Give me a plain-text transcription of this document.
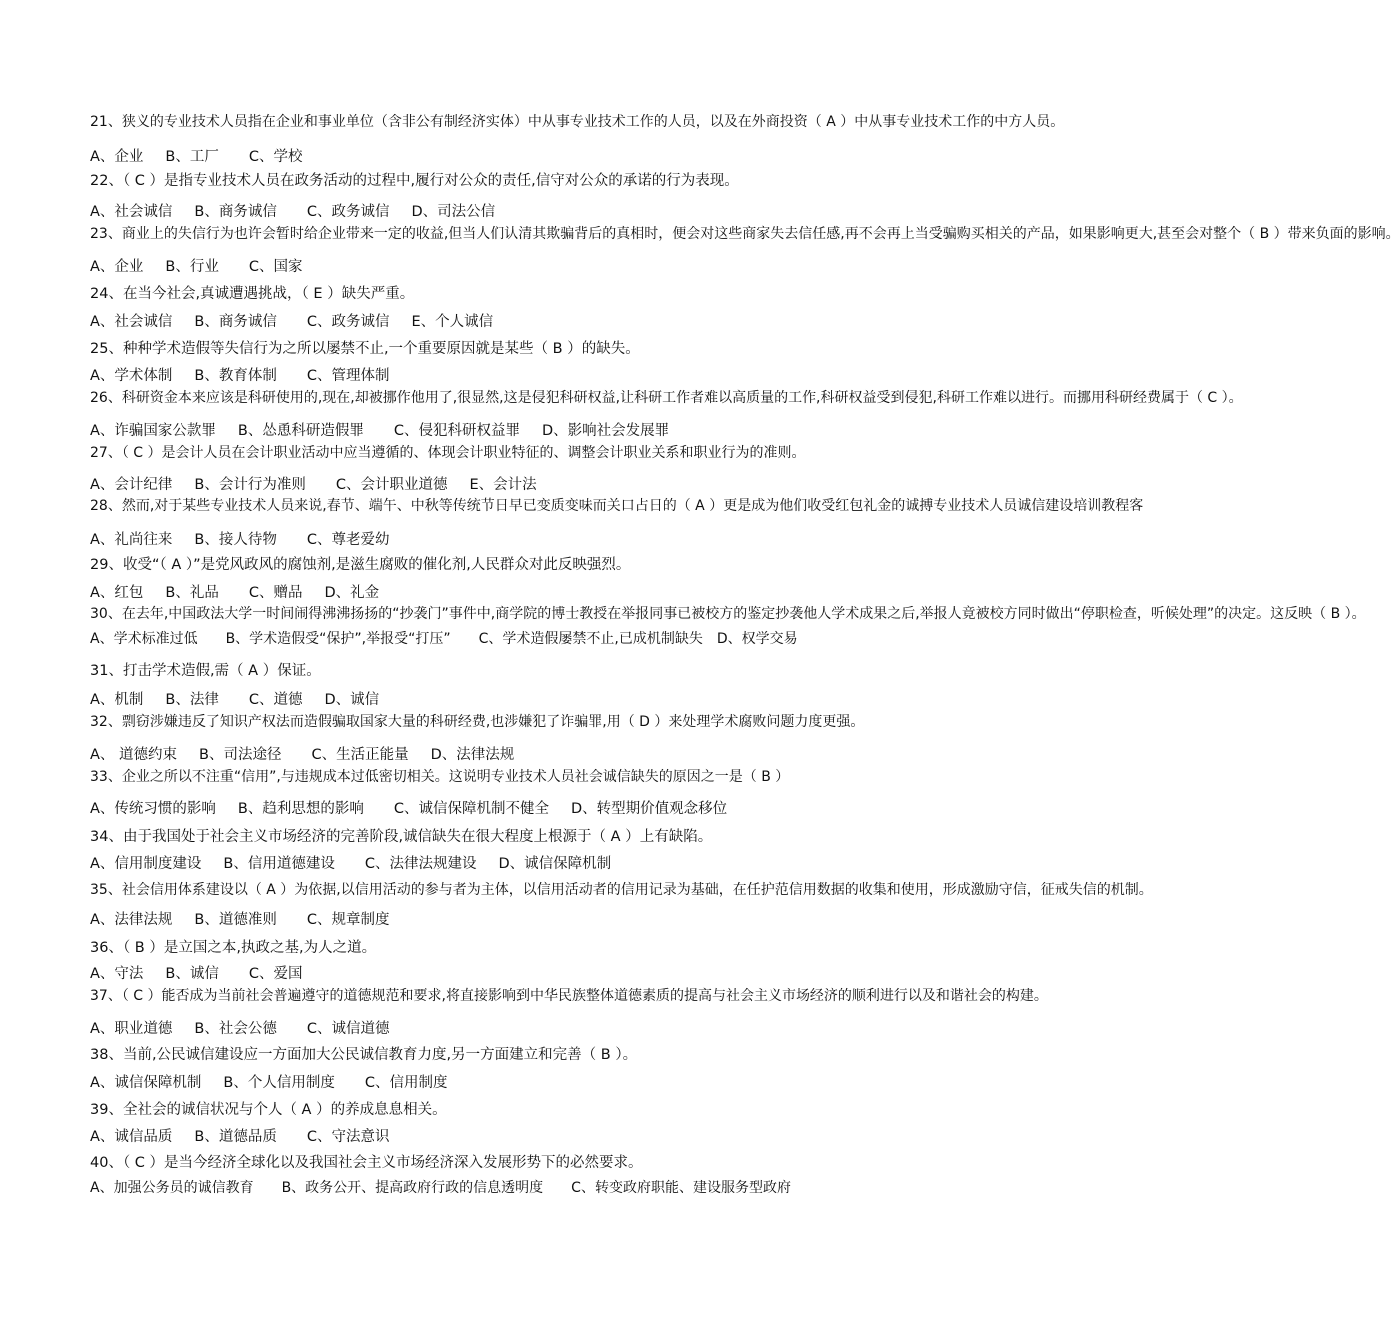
21、狭义的专业技术人员指在企业和事业单位（含非公有制经济实体）中从事专业技术工作的人员，以及在外商投资（ A ）中从事专业技术工作的中方人员。
A、企业 B、工厂 C、学校
22、（ C ）是指专业技术人员在政务活动的过程中,履行对公众的责任,信守对公众的承诺的行为表现。
A、社会诚信 B、商务诚信 C、政务诚信 D、司法公信
23、商业上的失信行为也许会暂时给企业带来一定的收益,但当人们认清其欺骗背后的真相时，便会对这些商家失去信任感,再不会再上当受骗购买相关的产品，如果影响更大,甚至会对整个（ B ）带来负面的影响。
A、企业 B、行业 C、国家
24、在当今社会,真诚遭遇挑战，（ E ）缺失严重。
A、社会诚信 B、商务诚信 C、政务诚信 E、个人诚信
25、种种学术造假等失信行为之所以屡禁不止,一个重要原因就是某些（ B ）的缺失。
A、学术体制 B、教育体制 C、管理体制
26、科研资金本来应该是科研使用的,现在,却被挪作他用了,很显然,这是侵犯科研权益,让科研工作者难以高质量的工作,科研权益受到侵犯,科研工作难以进行。而挪用科研经费属于（ C ）。
A、诈骗国家公款罪 B、怂恿科研造假罪 C、侵犯科研权益罪 D、影响社会发展罪
27、（ C ）是会计人员在会计职业活动中应当遵循的、体现会计职业特征的、调整会计职业关系和职业行为的准则。
A、会计纪律 B、会计行为准则 C、会计职业道德 E、会计法
28、然而,对于某些专业技术人员来说,春节、端午、中秋等传统节日早已变质变味而关口占日的（ A ）更是成为他们收受红包礼金的诚搏专业技术人员诚信建设培训教程客
A、礼尚往来 B、接人待物 C、尊老爱幼
29、收受“（ A ）”是党风政风的腐蚀剂,是滋生腐败的催化剂,人民群众对此反映强烈。
A、红包 B、礼品 C、赠品 D、礼金
30、在去年,中国政法大学一时间闹得沸沸扬扬的“抄袭门”事件中,商学院的博士教授在举报同事已被校方的鉴定抄袭他人学术成果之后,举报人竟被校方同时做出“停职检查，听候处理”的决定。这反映（ B ）。
A、学术标准过低　　B、学术造假受“保护”,举报受“打压”　　C、学术造假屡禁不止,已成机制缺失　D、权学交易
31、打击学术造假,需（ A ）保证。
A、机制 B、法律 C、道德 D、诚信
32、剽窃涉嫌违反了知识产权法而造假骗取国家大量的科研经费,也涉嫌犯了诈骗罪,用（ D ）来处理学术腐败问题力度更强。
A、 道德约束 B、司法途径 C、生活正能量 D、法律法规
33、企业之所以不注重“信用”,与违规成本过低密切相关。这说明专业技术人员社会诚信缺失的原因之一是（ B ）
A、传统习惯的影响 B、趋利思想的影响 C、诚信保障机制不健全 D、转型期价值观念移位
34、由于我国处于社会主义市场经济的完善阶段,诚信缺失在很大程度上根源于（ A ）上有缺陷。
A、信用制度建设 B、信用道德建设 C、法律法规建设 D、诚信保障机制
35、社会信用体系建设以（ A ）为依据,以信用活动的参与者为主体，以信用活动者的信用记录为基础，在任护范信用数据的收集和使用，形成激励守信，征戒失信的机制。
A、法律法规 B、道德准则 C、规章制度
36、（ B ）是立国之本,执政之基,为人之道。
A、守法 B、诚信 C、爱国
37、（ C ）能否成为当前社会普遍遵守的道德规范和要求,将直接影响到中华民族整体道德素质的提高与社会主义市场经济的顺利进行以及和谐社会的构建。
A、职业道德 B、社会公德 C、诚信道德
38、当前,公民诚信建设应一方面加大公民诚信教育力度,另一方面建立和完善（ B ）。
A、诚信保障机制 B、个人信用制度 C、信用制度
39、全社会的诚信状况与个人（ A ）的养成息息相关。
A、诚信品质 B、道德品质 C、守法意识
40、（ C ）是当今经济全球化以及我国社会主义市场经济深入发展形势下的必然要求。
A、加强公务员的诚信教育　　B、政务公开、提高政府行政的信息透明度　　C、转变政府职能、建设服务型政府
